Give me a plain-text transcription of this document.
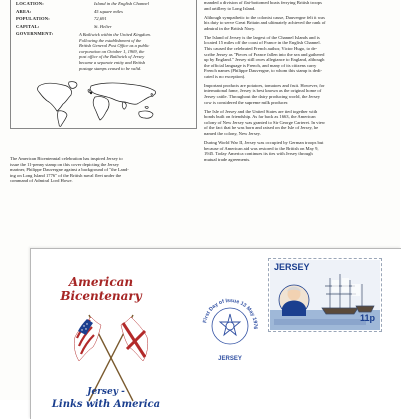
LOCATION:	Island in the English Channel
AREA:	45 square miles
POPULATION:	72,691
CAPITAL:	St. Helier
GOVERNMENT:	A Bailiwick within the United Kingdom.
Following the establishment of the
British General Post Office as a public
corporation on October 1, 1969, the
post office of the Bailiwick of Jersey
became a separate entity and British
postage stamps ceased to be valid.
The American Bicentennial celebration has inspired Jersey to
issue the 11-penny stamp on this cover depicting the Jersey
mariner, Philippe Dauvergne against a background of "the Land-
ing on Long Island 1776" of the British naval fleet under the
command of Admiral Lord Howe.

manded a division of flat-bottomed boats ferrying British troops
and artillery to Long Island.

Although sympathetic to the colonist cause, Dauvergne felt it was
his duty to serve Great Britain and ultimately achieved the rank of
admiral in the British Navy.

The Island of Jersey is the largest of the Channel Islands and is
located 15 miles off the coast of France in the English Channel.
This caused the celebrated French author, Victor Hugo, to de-
scribe Jersey as "Pieces of France fallen into the sea and gathered
up by England." Jersey still owes allegiance to England, although
the official language is French, and many of its citizens carry
French names (Philippe Dauvergne, to whom this stamp is dedi-
cated is no exception).

Important products are potatoes, tomatoes and fruit. However, for
international fame, Jersey is best known as the original home of
Jersey cattle. Throughout the dairy producing world, the Jersey
cow is considered the supreme milk producer.

The Isle of Jersey and the United States are tied together with
bonds built on friendship. As far back as 1663, the American
colony of New Jersey was granted to Sir George Carteret. In view
of the fact that he was born and raised on the Isle of Jersey, he
named the colony, New Jersey.

During World War II, Jersey was occupied by German troops but
because of American aid was restored to the British on May 9,
1945. Today America continues its ties with Jersey through
mutual trade agreements.

American
Bicentenary
Jersey -
Links with America
First Day of Issue 13 May 1976
JERSEY
JERSEY
11p
